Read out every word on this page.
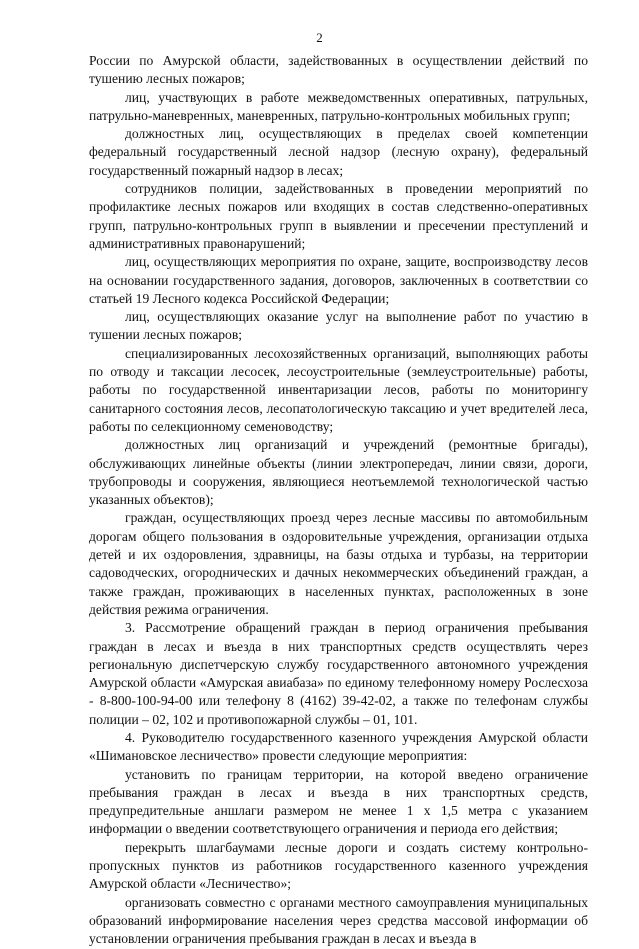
2

России по Амурской области, задействованных в осуществлении действий по тушению лесных пожаров;

лиц, участвующих в работе межведомственных оперативных, патрульных, патрульно-маневренных, маневренных, патрульно-контрольных мобильных групп;

должностных лиц, осуществляющих в пределах своей компетенции федеральный государственный лесной надзор (лесную охрану), федеральный государственный пожарный надзор в лесах;

сотрудников полиции, задействованных в проведении мероприятий по профилактике лесных пожаров или входящих в состав следственно-оперативных групп, патрульно-контрольных групп в выявлении и пресечении преступлений и административных правонарушений;

лиц, осуществляющих мероприятия по охране, защите, воспроизводству лесов на основании государственного задания, договоров, заключенных в соответствии со статьей 19 Лесного кодекса Российской Федерации;

лиц, осуществляющих оказание услуг на выполнение работ по участию в тушении лесных пожаров;

специализированных лесохозяйственных организаций, выполняющих работы по отводу и таксации лесосек, лесоустроительные (землеустроительные) работы, работы по государственной инвентаризации лесов, работы по мониторингу санитарного состояния лесов, лесопатологическую таксацию и учет вредителей леса, работы по селекционному семеноводству;

должностных лиц организаций и учреждений (ремонтные бригады), обслуживающих линейные объекты (линии электропередач, линии связи, дороги, трубопроводы и сооружения, являющиеся неотъемлемой технологической частью указанных объектов);

граждан, осуществляющих проезд через лесные массивы по автомобильным дорогам общего пользования в оздоровительные учреждения, организации отдыха детей и их оздоровления, здравницы, на базы отдыха и турбазы, на территории садоводческих, огороднических и дачных некоммерческих объединений граждан, а также граждан, проживающих в населенных пунктах, расположенных в зоне действия режима ограничения.

3. Рассмотрение обращений граждан в период ограничения пребывания граждан в лесах и въезда в них транспортных средств осуществлять через региональную диспетчерскую службу государственного автономного учреждения Амурской области «Амурская авиабаза» по единому телефонному номеру Рослесхоза - 8-800-100-94-00 или телефону 8 (4162) 39-42-02, а также по телефонам службы полиции – 02, 102 и противопожарной службы – 01, 101.

4. Руководителю государственного казенного учреждения Амурской области «Шимановское лесничество» провести следующие мероприятия:

установить по границам территории, на которой введено ограничение пребывания граждан в лесах и въезда в них транспортных средств, предупредительные аншлаги размером не менее 1 х 1,5 метра с указанием информации о введении соответствующего ограничения и периода его действия;

перекрыть шлагбаумами лесные дороги и создать систему контрольно-пропускных пунктов из работников государственного казенного учреждения Амурской области «Лесничество»;

организовать совместно с органами местного самоуправления муниципальных образований информирование населения через средства массовой информации об установлении ограничения пребывания граждан в лесах и въезда в
